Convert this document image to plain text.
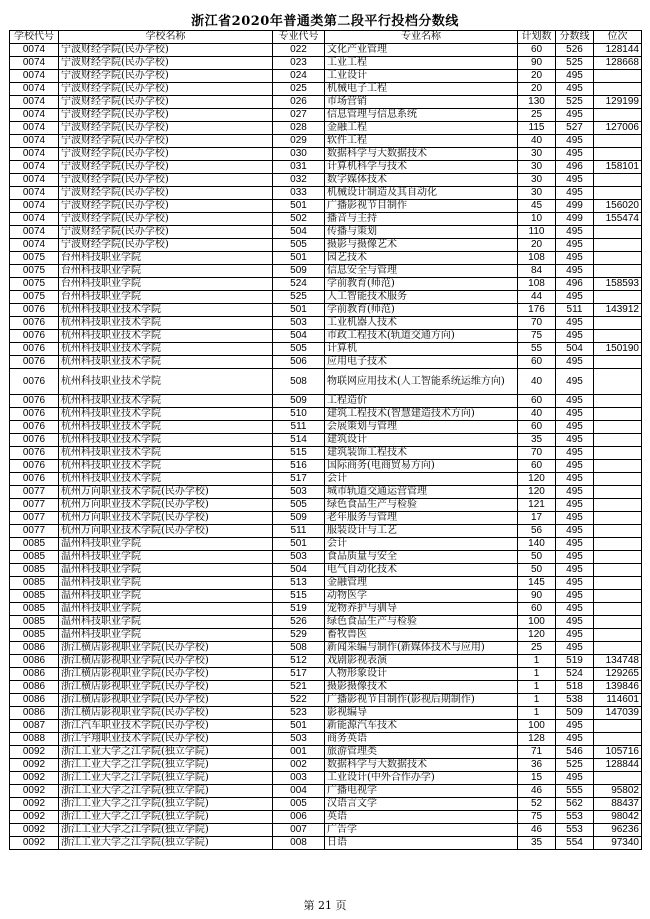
浙江省2020年普通类第二段平行投档分数线
学校代号	学校名称	专业代号	专业名称	计划数	分数线	位次
0074	宁波财经学院(民办学校)	022	文化产业管理	60	526	128144
0074	宁波财经学院(民办学校)	023	工业工程	90	525	128668
0074	宁波财经学院(民办学校)	024	工业设计	20	495	
0074	宁波财经学院(民办学校)	025	机械电子工程	20	495	
0074	宁波财经学院(民办学校)	026	市场营销	130	525	129199
0074	宁波财经学院(民办学校)	027	信息管理与信息系统	25	495	
0074	宁波财经学院(民办学校)	028	金融工程	115	527	127006
0074	宁波财经学院(民办学校)	029	软件工程	40	495	
0074	宁波财经学院(民办学校)	030	数据科学与大数据技术	30	495	
0074	宁波财经学院(民办学校)	031	计算机科学与技术	30	496	158101
0074	宁波财经学院(民办学校)	032	数字媒体技术	30	495	
0074	宁波财经学院(民办学校)	033	机械设计制造及其自动化	30	495	
0074	宁波财经学院(民办学校)	501	广播影视节目制作	45	499	156020
0074	宁波财经学院(民办学校)	502	播音与主持	10	499	155474
0074	宁波财经学院(民办学校)	504	传播与策划	110	495	
0074	宁波财经学院(民办学校)	505	摄影与摄像艺术	20	495	
0075	台州科技职业学院	501	园艺技术	108	495	
0075	台州科技职业学院	509	信息安全与管理	84	495	
0075	台州科技职业学院	524	学前教育(师范)	108	496	158593
0075	台州科技职业学院	525	人工智能技术服务	44	495	
0076	杭州科技职业技术学院	501	学前教育(师范)	176	511	143912
0076	杭州科技职业技术学院	503	工业机器人技术	70	495	
0076	杭州科技职业技术学院	504	市政工程技术(轨道交通方向)	75	495	
0076	杭州科技职业技术学院	505	计算机	55	504	150190
0076	杭州科技职业技术学院	506	应用电子技术	60	495	
0076	杭州科技职业技术学院	508	物联网应用技术(人工智能系统运维方向)	40	495	
0076	杭州科技职业技术学院	509	工程造价	60	495	
0076	杭州科技职业技术学院	510	建筑工程技术(智慧建造技术方向)	40	495	
0076	杭州科技职业技术学院	511	会展策划与管理	60	495	
0076	杭州科技职业技术学院	514	建筑设计	35	495	
0076	杭州科技职业技术学院	515	建筑装饰工程技术	70	495	
0076	杭州科技职业技术学院	516	国际商务(电商贸易方向)	60	495	
0076	杭州科技职业技术学院	517	会计	120	495	
0077	杭州万向职业技术学院(民办学校)	503	城市轨道交通运营管理	120	495	
0077	杭州万向职业技术学院(民办学校)	505	绿色食品生产与检验	121	495	
0077	杭州万向职业技术学院(民办学校)	509	老年服务与管理	17	495	
0077	杭州万向职业技术学院(民办学校)	511	服装设计与工艺	56	495	
0085	温州科技职业学院	501	会计	140	495	
0085	温州科技职业学院	503	食品质量与安全	50	495	
0085	温州科技职业学院	504	电气自动化技术	50	495	
0085	温州科技职业学院	513	金融管理	145	495	
0085	温州科技职业学院	515	动物医学	90	495	
0085	温州科技职业学院	519	宠物养护与驯导	60	495	
0085	温州科技职业学院	526	绿色食品生产与检验	100	495	
0085	温州科技职业学院	529	畜牧兽医	120	495	
0086	浙江横店影视职业学院(民办学校)	508	新闻采编与制作(新媒体技术与应用)	25	495	
0086	浙江横店影视职业学院(民办学校)	512	戏剧影视表演	1	519	134748
0086	浙江横店影视职业学院(民办学校)	517	人物形象设计	1	524	129265
0086	浙江横店影视职业学院(民办学校)	521	摄影摄像技术	1	518	139846
0086	浙江横店影视职业学院(民办学校)	522	广播影视节目制作(影视后期制作)	1	538	114601
0086	浙江横店影视职业学院(民办学校)	523	影视编导	1	509	147039
0087	浙江汽车职业技术学院(民办学校)	501	新能源汽车技术	100	495	
0088	浙江宇翔职业技术学院(民办学校)	503	商务英语	128	495	
0092	浙江工业大学之江学院(独立学院)	001	旅游管理类	71	546	105716
0092	浙江工业大学之江学院(独立学院)	002	数据科学与大数据技术	36	525	128844
0092	浙江工业大学之江学院(独立学院)	003	工业设计(中外合作办学)	15	495	
0092	浙江工业大学之江学院(独立学院)	004	广播电视学	46	555	95802
0092	浙江工业大学之江学院(独立学院)	005	汉语言文学	52	562	88437
0092	浙江工业大学之江学院(独立学院)	006	英语	75	553	98042
0092	浙江工业大学之江学院(独立学院)	007	广告学	46	553	96236
0092	浙江工业大学之江学院(独立学院)	008	日语	35	554	97340
第 21 页
